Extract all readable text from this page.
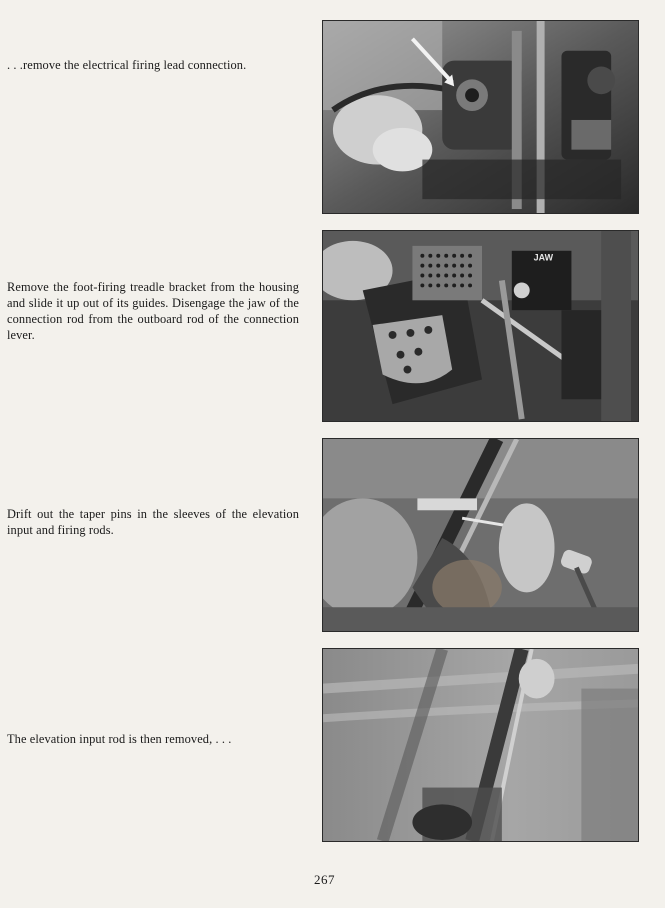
. . .remove the electrical firing lead connection.

Remove the foot-firing treadle bracket from the housing and slide it up out of its guides. Disengage the jaw of the connection rod from the outboard rod of the connection lever.

Drift out the taper pins in the sleeves of the elevation input and firing rods.

The elevation input rod is then removed, . . .

JAW
267
